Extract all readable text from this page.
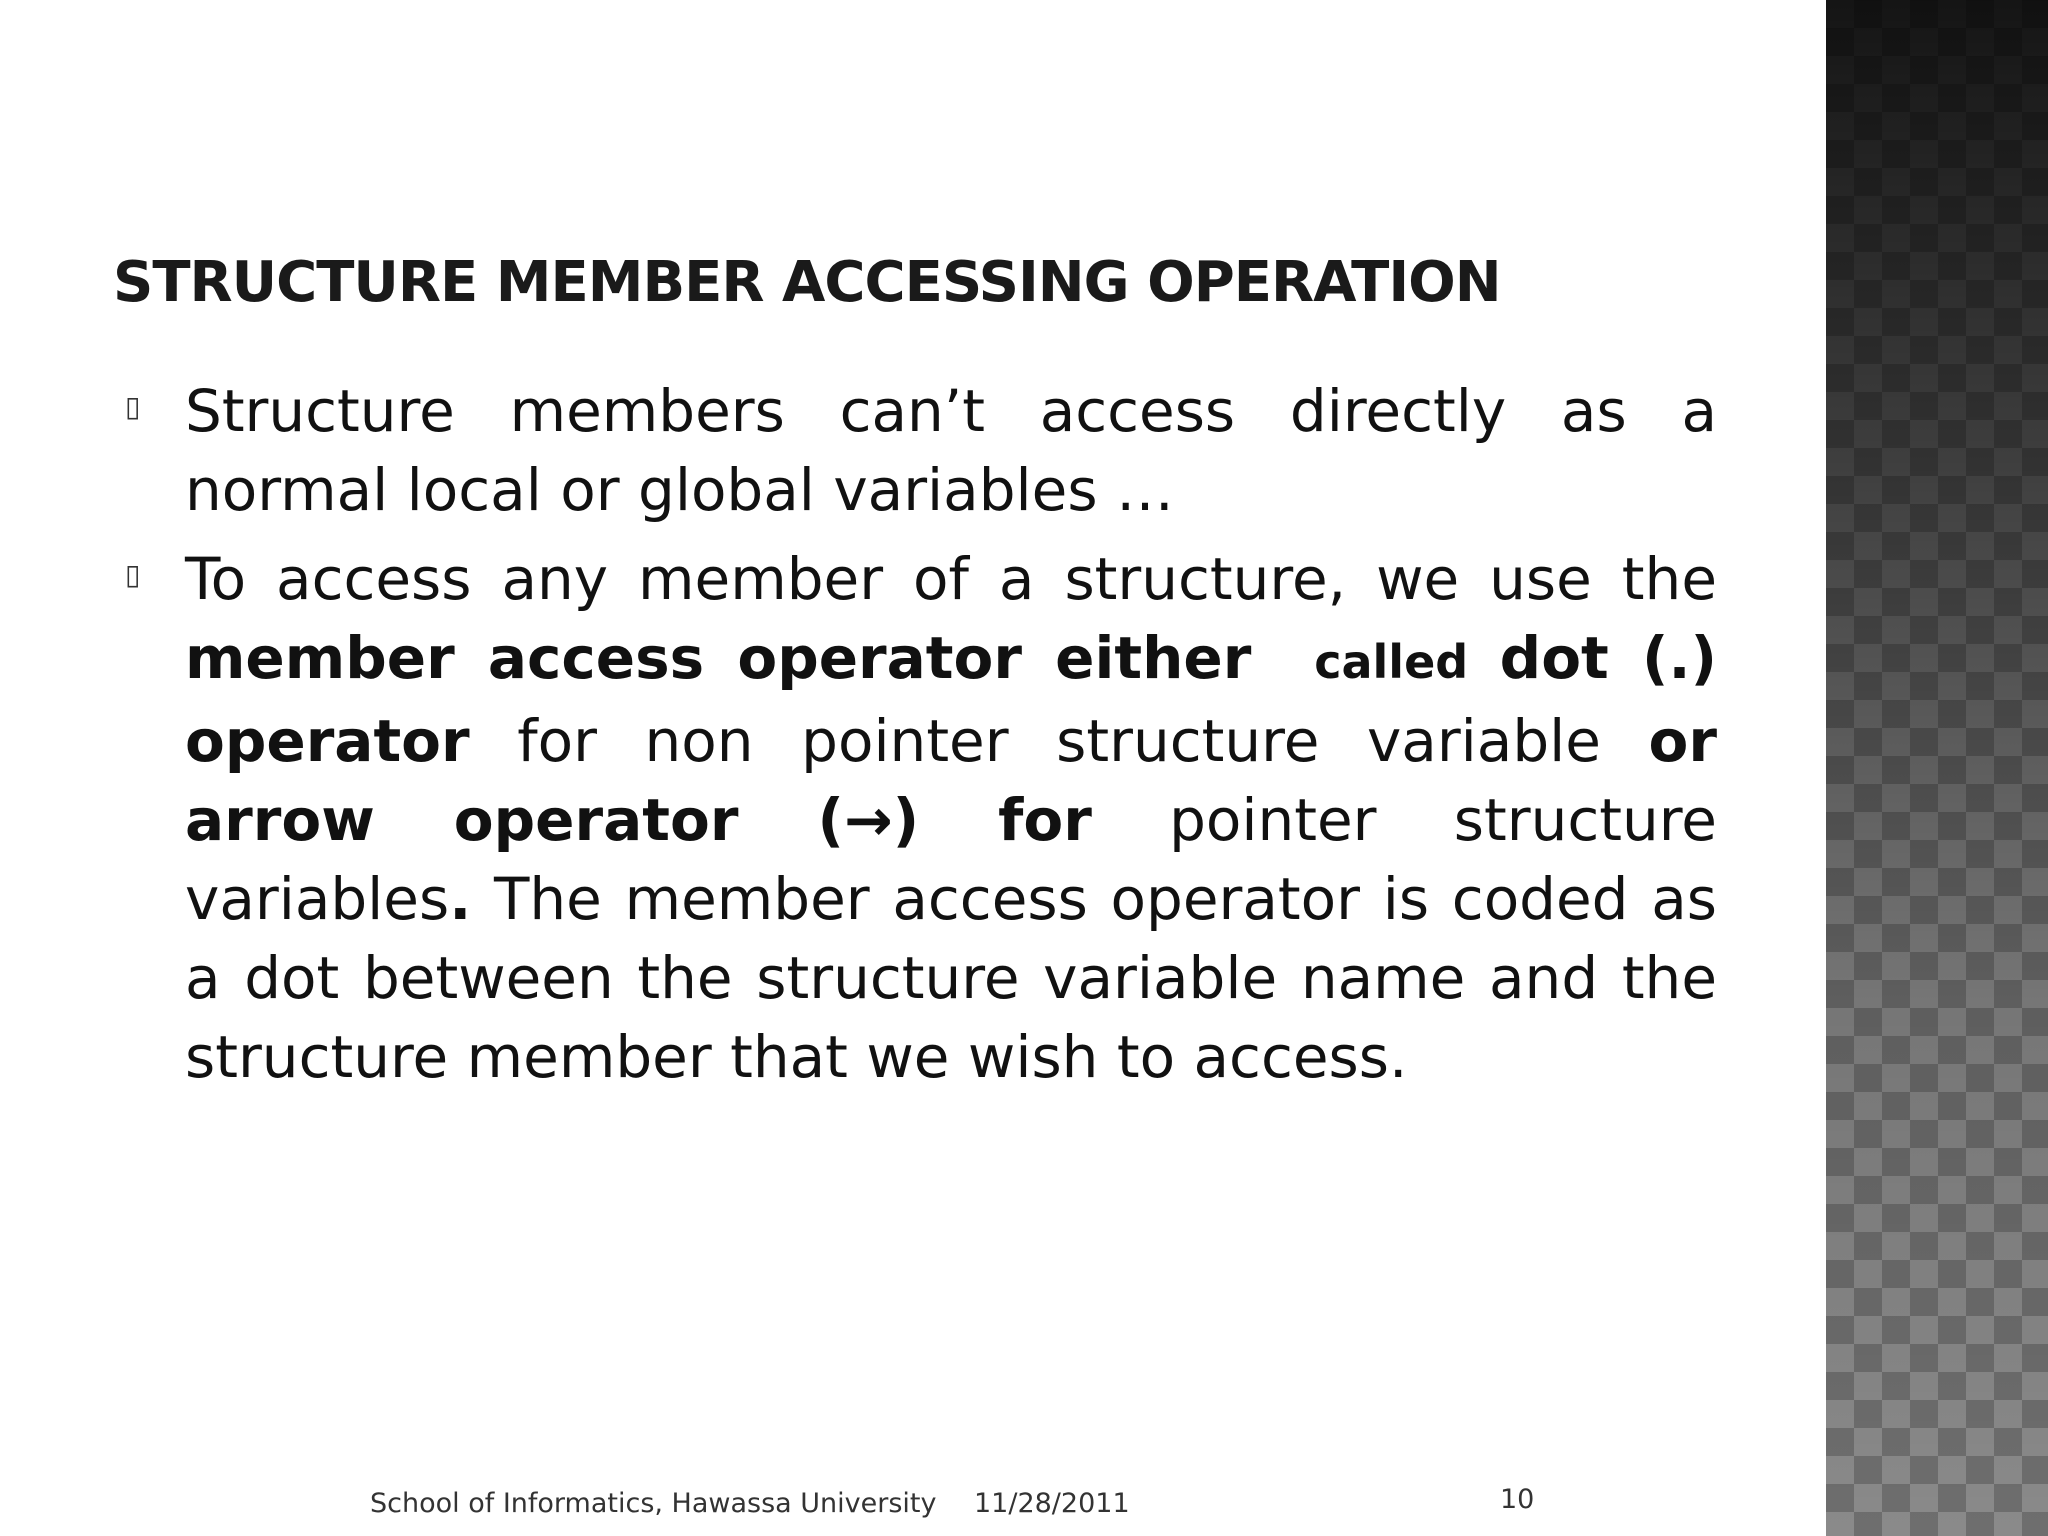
STRUCTURE MEMBER ACCESSING OPERATION

▯ Structure members can’t access directly as a normal local or global variables …

▯ To access any member of a structure, we use the member access operator either called dot (.) operator for non pointer structure variable or arrow operator (→) for pointer structure variables. The member access operator is coded as a dot between the structure variable name and the structure member that we wish to access.

School of Informatics, Hawassa University 11/28/2011	10
